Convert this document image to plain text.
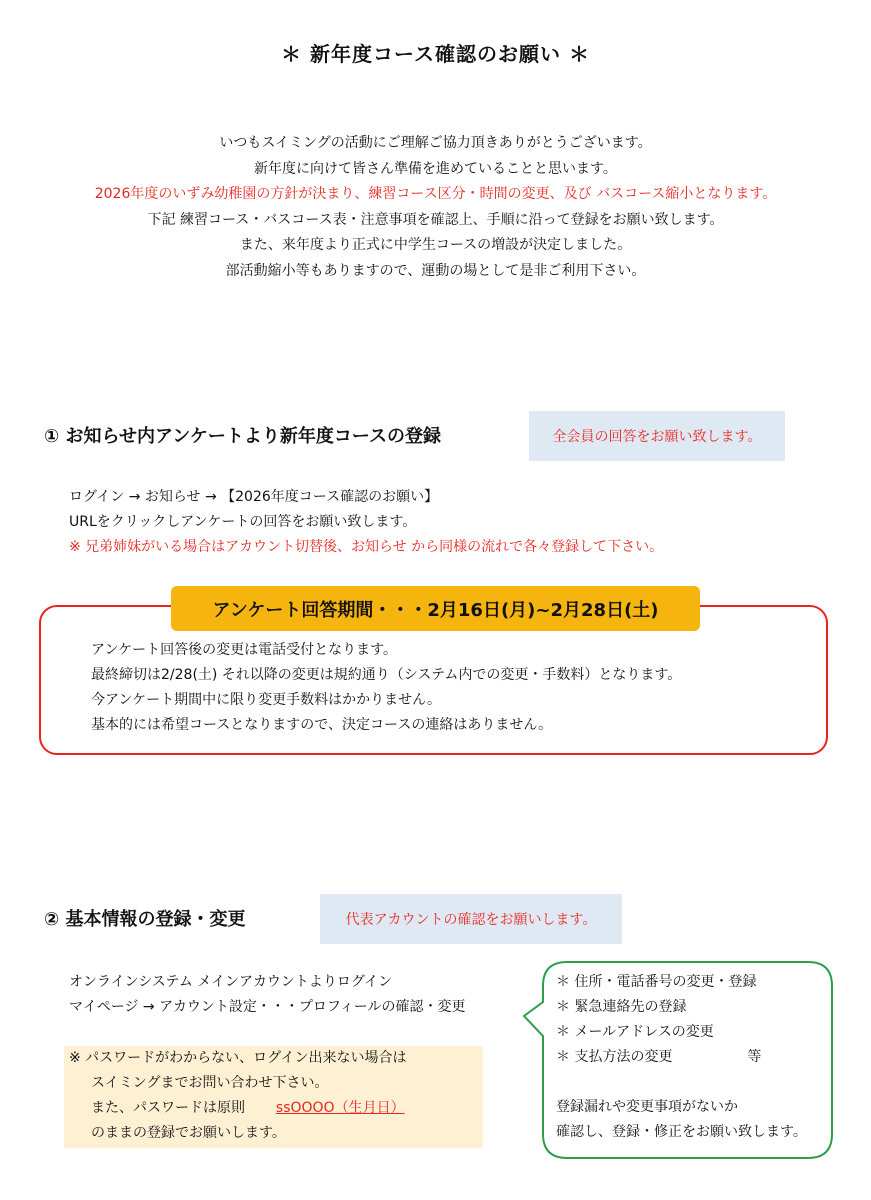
＊ 新年度コース確認のお願い ＊
いつもスイミングの活動にご理解ご協力頂きありがとうございます。
新年度に向けて皆さん準備を進めていることと思います。
2026年度のいずみ幼稚園の方針が決まり、練習コース区分・時間の変更、及び バスコース縮小となります。
下記 練習コース・バスコース表・注意事項を確認上、手順に沿って登録をお願い致します。
また、来年度より正式に中学生コースの増設が決定しました。
部活動縮小等もありますので、運動の場として是非ご利用下さい。
① お知らせ内アンケートより新年度コースの登録	全会員の回答をお願い致します。
ログイン → お知らせ → 【2026年度コース確認のお願い】
URLをクリックしアンケートの回答をお願い致します。
※ 兄弟姉妹がいる場合はアカウント切替後、お知らせ から同様の流れで各々登録して下さい。
アンケート回答期間・・・2月16日(月)~2月28日(土)
アンケート回答後の変更は電話受付となります。
最終締切は2/28(土) それ以降の変更は規約通り（システム内での変更・手数料）となります。
今アンケート期間中に限り変更手数料はかかりません。
基本的には希望コースとなりますので、決定コースの連絡はありません。
② 基本情報の登録・変更	代表アカウントの確認をお願いします。
オンラインシステム メインアカウントよりログイン
マイページ → アカウント設定・・・プロフィールの確認・変更
※ パスワードがわからない、ログイン出来ない場合は
スイミングまでお問い合わせ下さい。
また、パスワードは原則 ssOOOO（生月日）
のままの登録でお願いします。
＊ 住所・電話番号の変更・登録
＊ 緊急連絡先の登録
＊ メールアドレスの変更
＊ 支払方法の変更	等
登録漏れや変更事項がないか
確認し、登録・修正をお願い致します。
